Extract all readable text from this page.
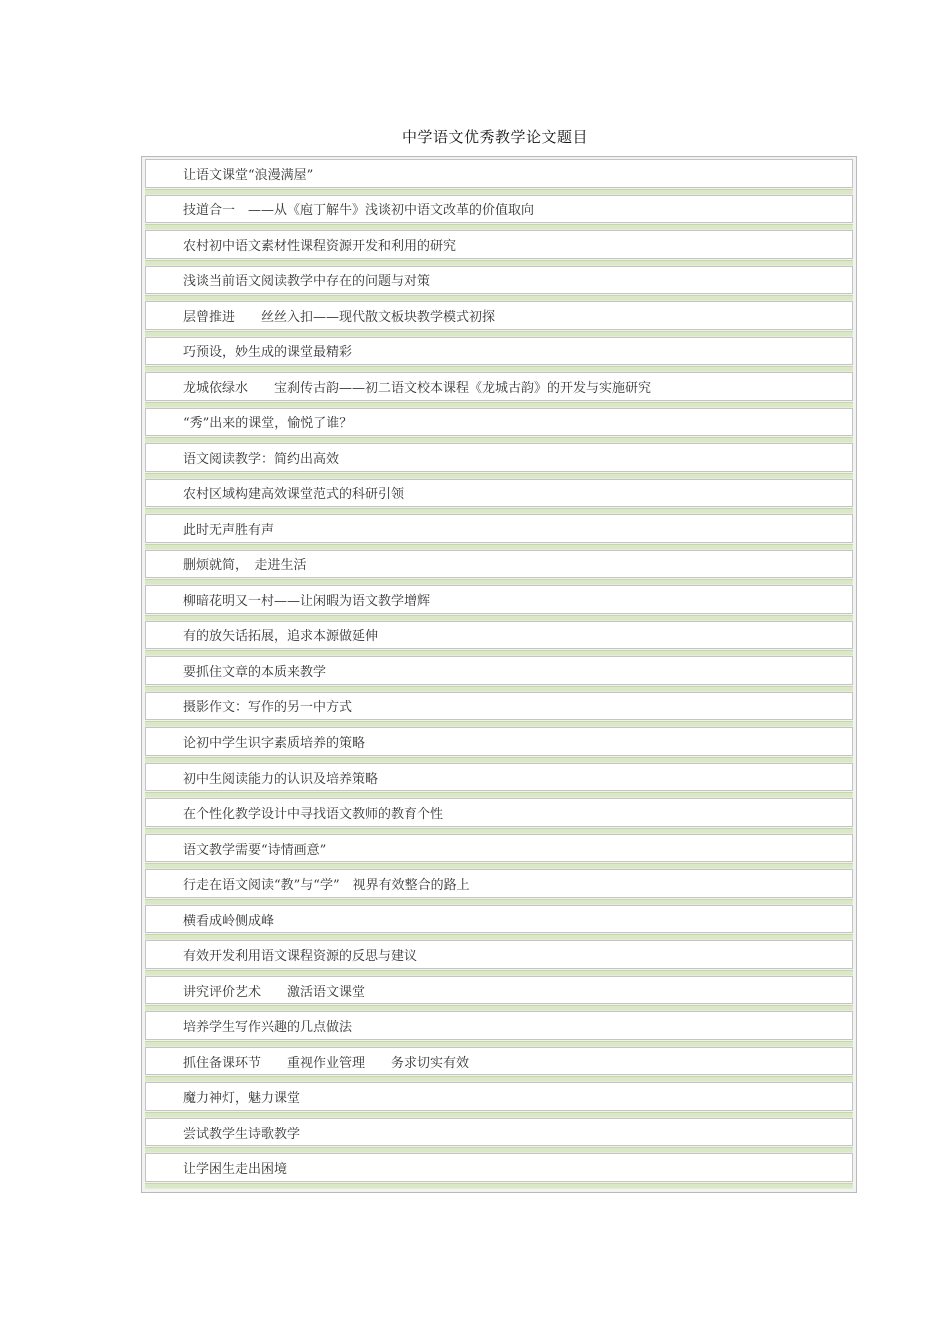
中学语文优秀教学论文题目
让语文课堂“浪漫满屋”
技道合一　——从《庖丁解牛》浅谈初中语文改革的价值取向
农村初中语文素材性课程资源开发和利用的研究
浅谈当前语文阅读教学中存在的问题与对策
层曾推进　　丝丝入扣——现代散文板块教学模式初探
巧预设，妙生成的课堂最精彩
龙城依绿水　　宝刹传古韵——初二语文校本课程《龙城古韵》的开发与实施研究
“秀”出来的课堂，愉悦了谁？
语文阅读教学：简约出高效
农村区域构建高效课堂范式的科研引领
此时无声胜有声
删烦就简，　走进生活
柳暗花明又一村——让闲暇为语文教学增辉
有的放矢话拓展，追求本源做延伸
要抓住文章的本质来教学
摄影作文：写作的另一中方式
论初中学生识字素质培养的策略
初中生阅读能力的认识及培养策略
在个性化教学设计中寻找语文教师的教育个性
语文教学需要“诗情画意”
行走在语文阅读“教”与“学”　视界有效整合的路上
横看成岭侧成峰
有效开发利用语文课程资源的反思与建议
讲究评价艺术　　激活语文课堂
培养学生写作兴趣的几点做法
抓住备课环节　　重视作业管理　　务求切实有效
魔力神灯，魅力课堂
尝试教学生诗歌教学
让学困生走出困境
